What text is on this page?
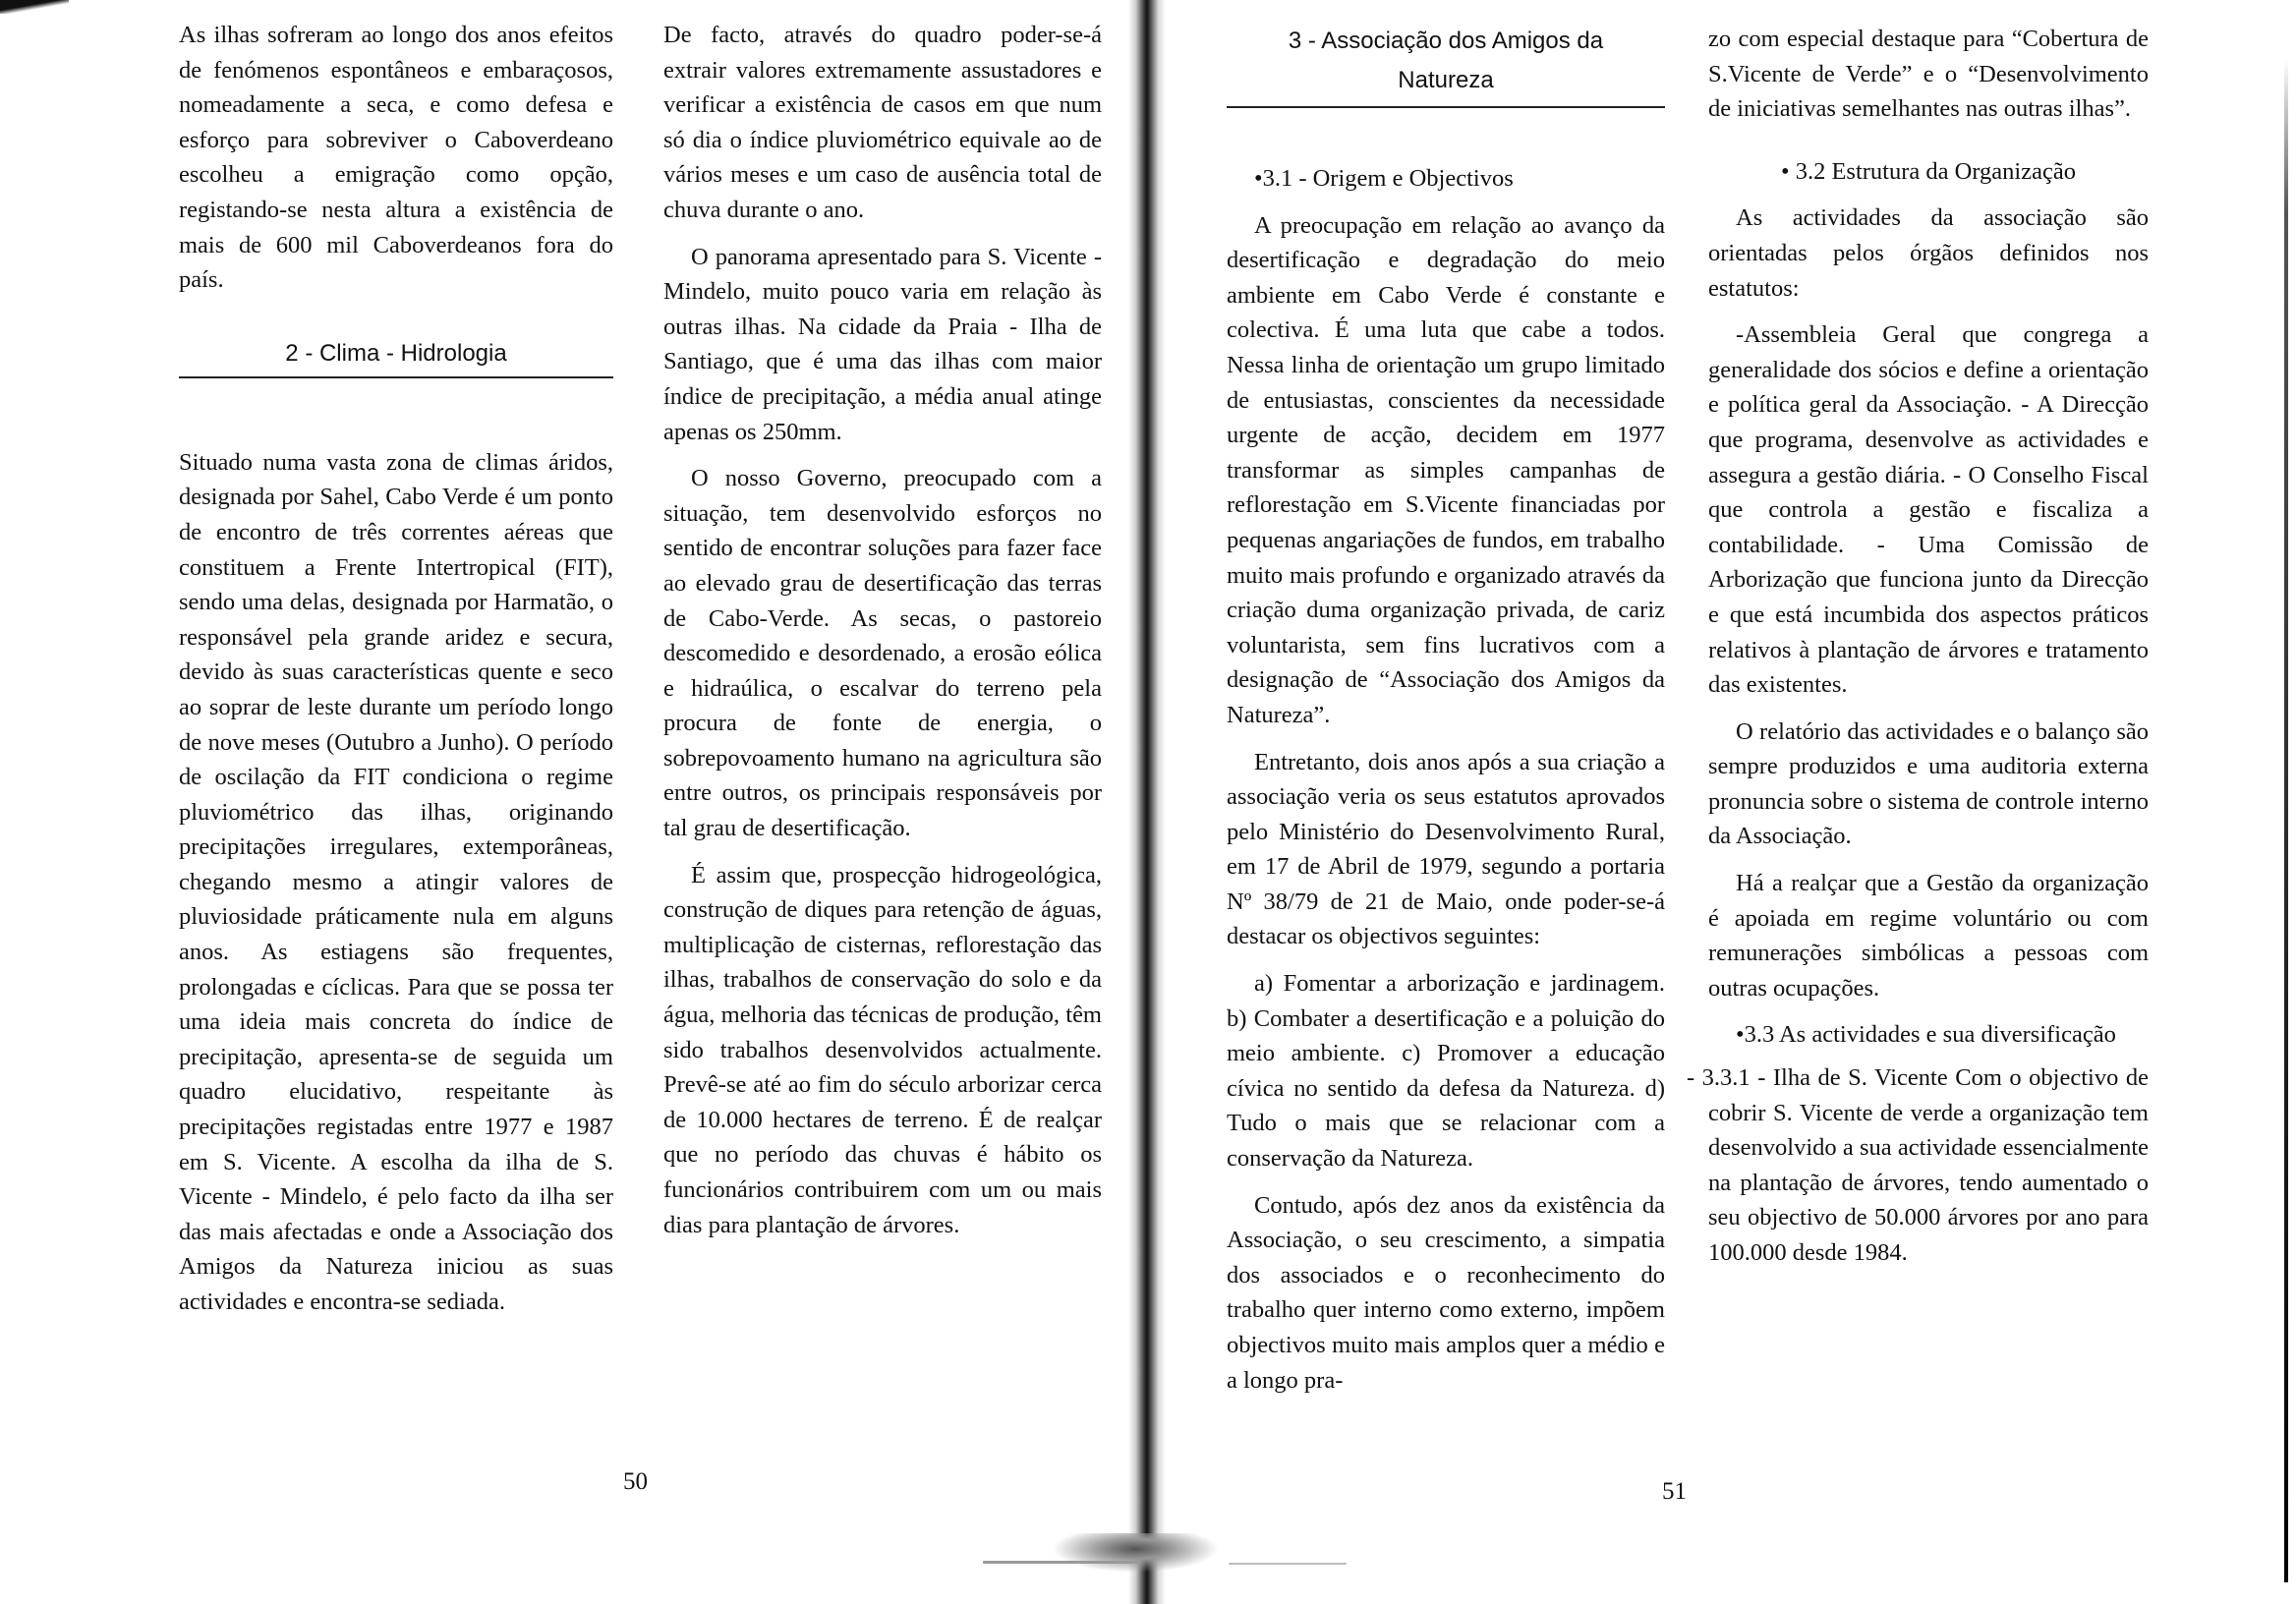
As ilhas sofreram ao longo dos anos efeitos de fenómenos espontâneos e embaraçosos, nomeadamente a seca, e como defesa e esforço para sobreviver o Caboverdeano escolheu a emigração como opção, registando-se nesta altura a existência de mais de 600 mil Caboverdeanos fora do país.

2 - Clima - Hidrologia

Situado numa vasta zona de climas áridos, designada por Sahel, Cabo Verde é um ponto de encontro de três correntes aéreas que constituem a Frente Intertropical (FIT), sendo uma delas, designada por Harmatão, o responsável pela grande aridez e secura, devido às suas características quente e seco ao soprar de leste durante um período longo de nove meses (Outubro a Junho). O período de oscilação da FIT condiciona o regime pluviométrico das ilhas, originando precipitações irregulares, extemporâneas, chegando mesmo a atingir valores de pluviosidade práticamente nula em alguns anos. As estiagens são frequentes, prolongadas e cíclicas. Para que se possa ter uma ideia mais concreta do índice de precipitação, apresenta-se de seguida um quadro elucidativo, respeitante às precipitações registadas entre 1977 e 1987 em S. Vicente. A escolha da ilha de S. Vicente - Mindelo, é pelo facto da ilha ser das mais afectadas e onde a Associação dos Amigos da Natureza iniciou as suas actividades e encontra-se sediada.

De facto, através do quadro poder-se-á extrair valores extremamente assustadores e verificar a existência de casos em que num só dia o índice pluviométrico equivale ao de vários meses e um caso de ausência total de chuva durante o ano.

O panorama apresentado para S. Vicente - Mindelo, muito pouco varia em relação às outras ilhas. Na cidade da Praia - Ilha de Santiago, que é uma das ilhas com maior índice de precipitação, a média anual atinge apenas os 250mm.

O nosso Governo, preocupado com a situação, tem desenvolvido esforços no sentido de encontrar soluções para fazer face ao elevado grau de desertificação das terras de Cabo-Verde. As secas, o pastoreio descomedido e desordenado, a erosão eólica e hidraúlica, o escalvar do terreno pela procura de fonte de energia, o sobrepovoamento humano na agricultura são entre outros, os principais responsáveis por tal grau de desertificação.

É assim que, prospecção hidrogeológica, construção de diques para retenção de águas, multiplicação de cisternas, reflorestação das ilhas, trabalhos de conservação do solo e da água, melhoria das técnicas de produção, têm sido trabalhos desenvolvidos actualmente. Prevê-se até ao fim do século arborizar cerca de 10.000 hectares de terreno. É de realçar que no período das chuvas é hábito os funcionários contribuirem com um ou mais dias para plantação de árvores.

50
3 - Associação dos Amigos da
Natureza

•3.1 - Origem e Objectivos

A preocupação em relação ao avanço da desertificação e degradação do meio ambiente em Cabo Verde é constante e colectiva. É uma luta que cabe a todos. Nessa linha de orientação um grupo limitado de entusiastas, conscientes da necessidade urgente de acção, decidem em 1977 transformar as simples campanhas de reflorestação em S.Vicente financiadas por pequenas angariações de fundos, em trabalho muito mais profundo e organizado através da criação duma organização privada, de cariz voluntarista, sem fins lucrativos com a designação de “Associação dos Amigos da Natureza”.

Entretanto, dois anos após a sua criação a associação veria os seus estatutos aprovados pelo Ministério do Desenvolvimento Rural, em 17 de Abril de 1979, segundo a portaria Nº 38/79 de 21 de Maio, onde poder-se-á destacar os objectivos seguintes:

a) Fomentar a arborização e jardinagem. b) Combater a desertificação e a poluição do meio ambiente. c) Promover a educação cívica no sentido da defesa da Natureza. d) Tudo o mais que se relacionar com a conservação da Natureza.

Contudo, após dez anos da existência da Associação, o seu crescimento, a simpatia dos associados e o reconhecimento do trabalho quer interno como externo, impõem objectivos muito mais amplos quer a médio e a longo pra-

zo com especial destaque para “Cobertura de S.Vicente de Verde” e o “Desenvolvimento de iniciativas semelhantes nas outras ilhas”.

• 3.2 Estrutura da Organização

As actividades da associação são orientadas pelos órgãos definidos nos estatutos:

-Assembleia Geral que congrega a generalidade dos sócios e define a orientação e política geral da Associação. - A Direcção que programa, desenvolve as actividades e assegura a gestão diária. - O Conselho Fiscal que controla a gestão e fiscaliza a contabilidade. - Uma Comissão de Arborização que funciona junto da Direcção e que está incumbida dos aspectos práticos relativos à plantação de árvores e tratamento das existentes.

O relatório das actividades e o balanço são sempre produzidos e uma auditoria externa pronuncia sobre o sistema de controle interno da Associação.

Há a realçar que a Gestão da organização é apoiada em regime voluntário ou com remunerações simbólicas a pessoas com outras ocupações.

•3.3 As actividades e sua diversificação

- 3.3.1 - Ilha de S. Vicente Com o objectivo de cobrir S. Vicente de verde a organização tem desenvolvido a sua actividade essencialmente na plantação de árvores, tendo aumentado o seu objectivo de 50.000 árvores por ano para 100.000 desde 1984.

51
